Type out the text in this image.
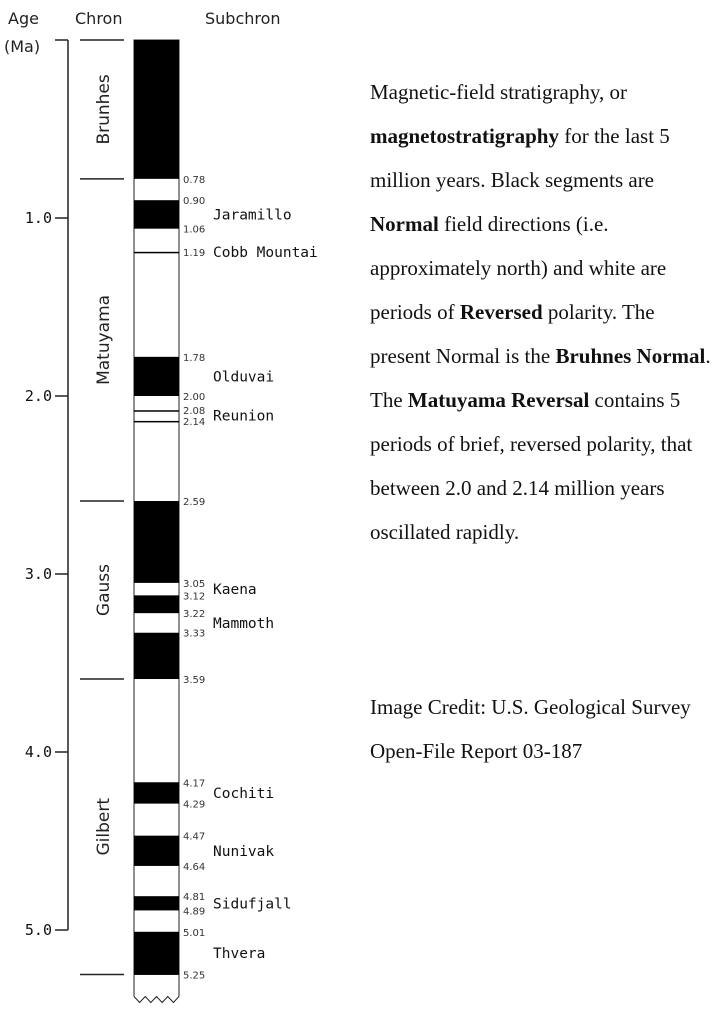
Age
(Ma)
Chron	Subchron
1.0
2.0
3.0
4.0
5.0
Brunhes
Matuyama
Gauss
Gilbert
0.78
0.90
1.06
1.19
1.78
2.00
2.08
2.14
2.59
3.05
3.12
3.22
3.33
3.59
4.17
4.29
4.47
4.64
4.81
4.89
5.01
5.25
Jaramillo
Cobb Mountai
Olduvai
Reunion
Kaena
Mammoth
Cochiti
Nunivak
Sidufjall
Thvera
Magnetic-field stratigraphy, or magnetostratigraphy for the last 5 million years. Black segments are Normal field directions (i.e. approximately north) and white are periods of Reversed polarity. The present Normal is the Bruhnes Normal. The Matuyama Reversal contains 5 periods of brief, reversed polarity, that between 2.0 and 2.14 million years oscillated rapidly.
Image Credit: U.S. Geological Survey Open-File Report 03-187
